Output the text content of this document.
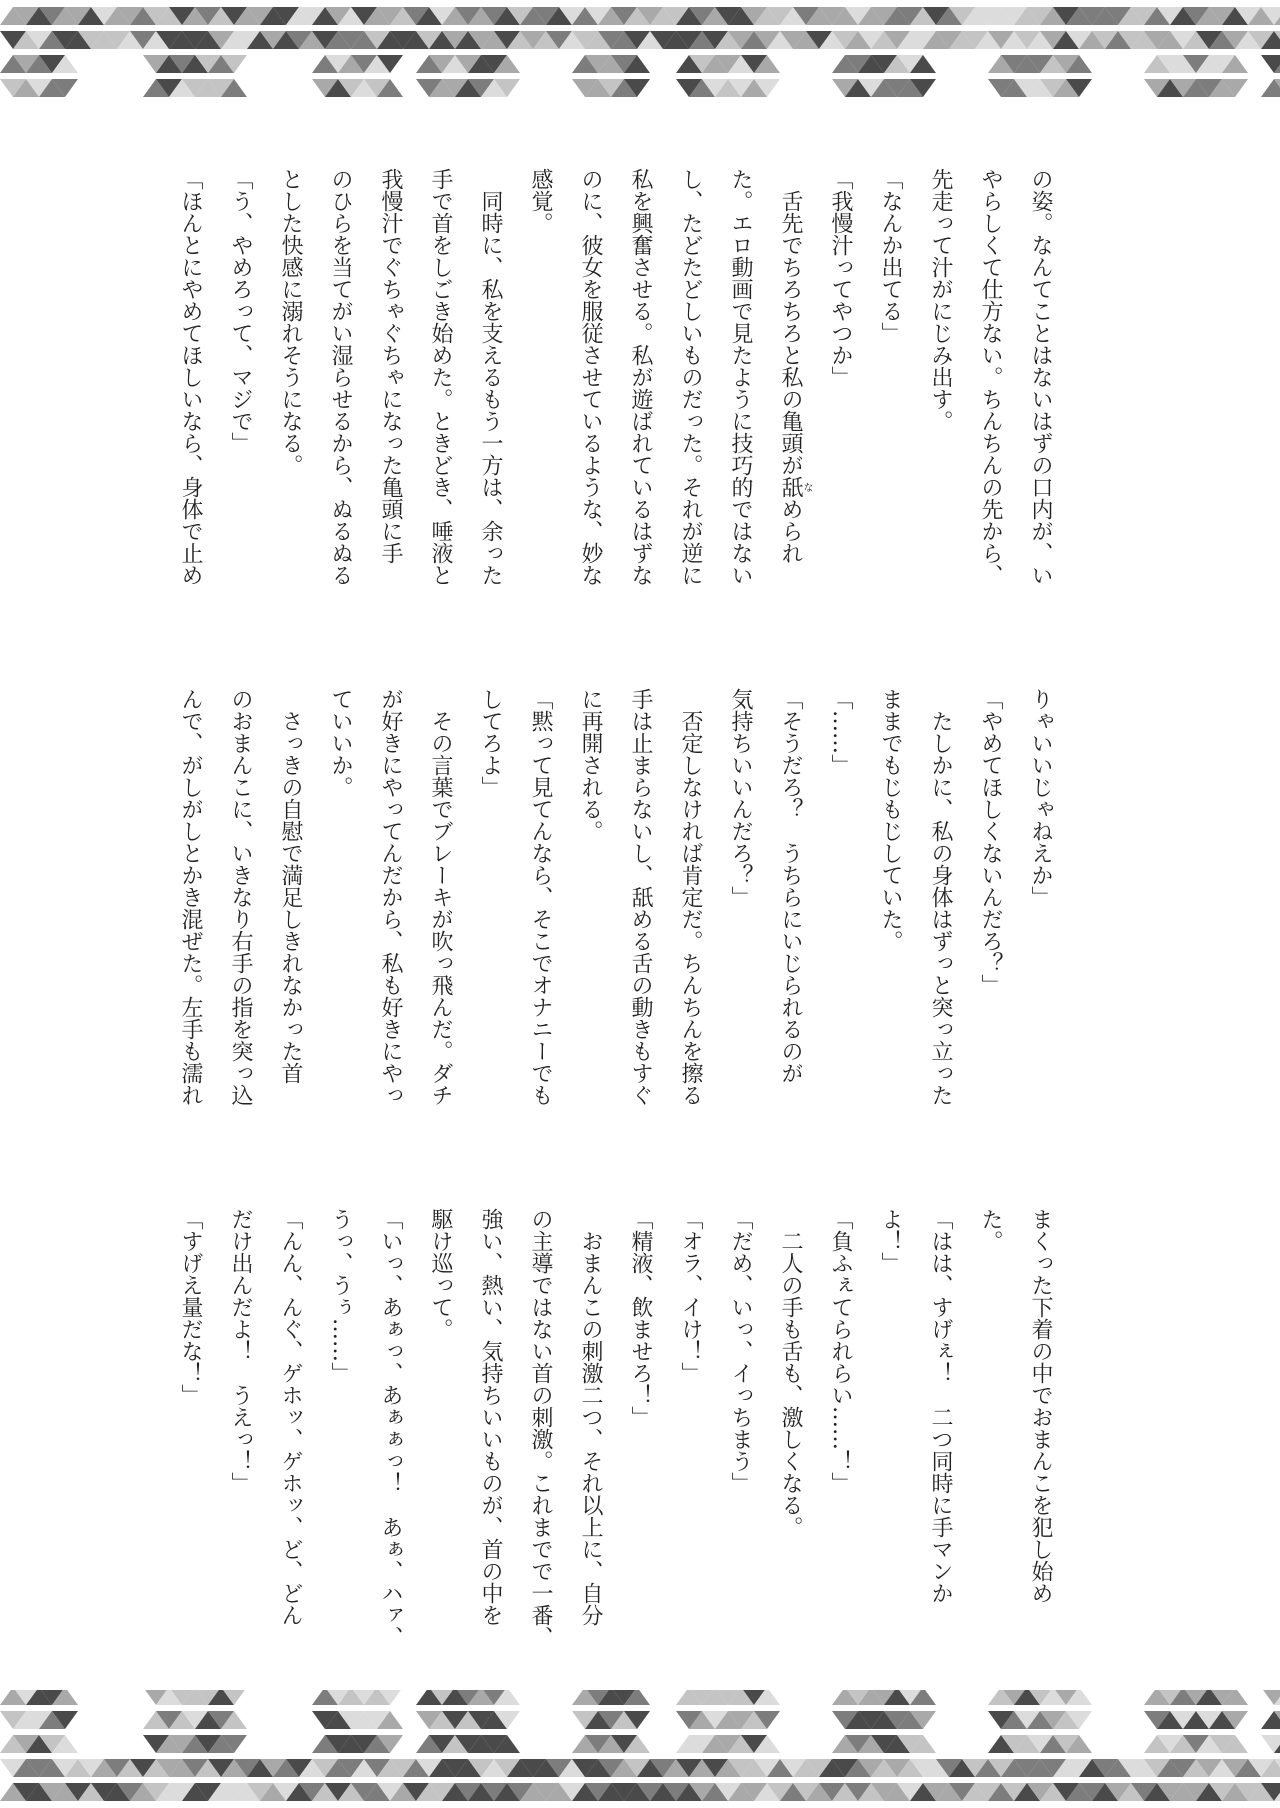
の姿。なんてことはないはずの口内が、い
やらしくて仕方ない。ちんちんの先から、
先走って汁がにじみ出す。
「なんか出てる」
「我慢汁ってやつか」
　舌先でちろちろと私の亀頭が舐なめられ
た。エロ動画で見たように技巧的ではない
し、たどたどしいものだった。それが逆に
私を興奮させる。私が遊ばれているはずな
のに、彼女を服従させているような、妙な
感覚。
　同時に、私を支えるもう一方は、余った
手で首をしごき始めた。ときどき、唾液と
我慢汁でぐちゃぐちゃになった亀頭に手
のひらを当てがい湿らせるから、ぬるぬる
とした快感に溺れそうになる。
「う、やめろって、マジで」
「ほんとにやめてほしいなら、身体で止め
りゃいいじゃねえか」
「やめてほしくないんだろ？」
　たしかに、私の身体はずっと突っ立った
ままでもじもじしていた。
「……」
「そうだろ？　うちらにいじられるのが
気持ちいいんだろ？」
　否定しなければ肯定だ。ちんちんを擦る
手は止まらないし、舐める舌の動きもすぐ
に再開される。
「黙って見てんなら、そこでオナニーでも
してろよ」
　その言葉でブレーキが吹っ飛んだ。ダチ
が好きにやってんだから、私も好きにやっ
ていいか。
　さっきの自慰で満足しきれなかった首
のおまんこに、いきなり右手の指を突っ込
んで、がしがしとかき混ぜた。左手も濡れ
まくった下着の中でおまんこを犯し始め
た。
「はは、すげぇ！　二つ同時に手マンか
よ！」
「負ふぇてられらい……！」
　二人の手も舌も、激しくなる。
「だめ、いっ、イっちまう」
「オラ、イけ！」
「精液、飲ませろ！」
　おまんこの刺激二つ、それ以上に、自分
の主導ではない首の刺激。これまでで一番、
強い、熱い、気持ちいいものが、首の中を
駆け巡って。
「いっ、あぁっ、あぁぁっ！　あぁ、ハァ、
うっ、うぅ……」
「んん、んぐ、ゲホッ、ゲホッ、ど、どん
だけ出んだよ！　うえっ！」
「すげえ量だな！」
